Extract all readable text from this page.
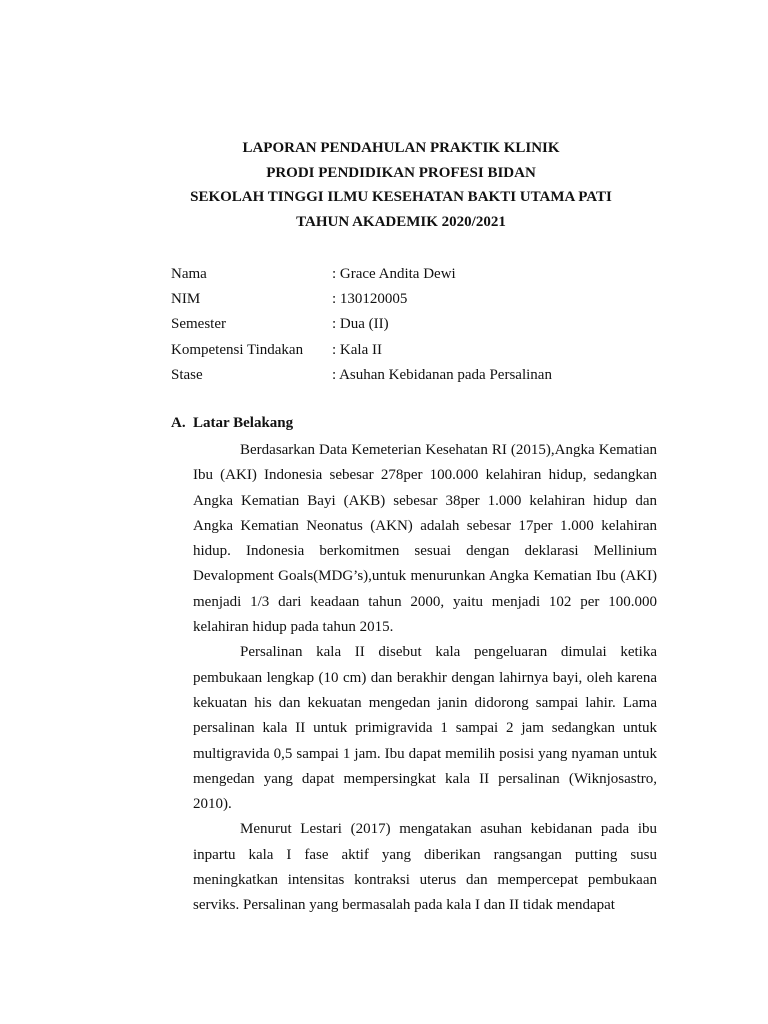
LAPORAN PENDAHULAN PRAKTIK KLINIK
PRODI PENDIDIKAN PROFESI BIDAN
SEKOLAH TINGGI ILMU KESEHATAN BAKTI UTAMA PATI
TAHUN AKADEMIK 2020/2021
Nama	: Grace Andita Dewi
NIM	: 130120005
Semester	: Dua (II)
Kompetensi Tindakan	: Kala II
Stase	: Asuhan Kebidanan pada Persalinan
A. Latar Belakang

Berdasarkan Data Kemeterian Kesehatan RI (2015),Angka Kematian Ibu (AKI) Indonesia sebesar 278per 100.000 kelahiran hidup, sedangkan Angka Kematian Bayi (AKB) sebesar 38per 1.000 kelahiran hidup dan Angka Kematian Neonatus (AKN) adalah sebesar 17per 1.000 kelahiran hidup. Indonesia berkomitmen sesuai dengan deklarasi Mellinium Devalopment Goals(MDG’s),untuk menurunkan Angka Kematian Ibu (AKI) menjadi 1/3 dari keadaan tahun 2000, yaitu menjadi 102 per 100.000 kelahiran hidup pada tahun 2015.

Persalinan kala II disebut kala pengeluaran dimulai ketika pembukaan lengkap (10 cm) dan berakhir dengan lahirnya bayi, oleh karena kekuatan his dan kekuatan mengedan janin didorong sampai lahir. Lama persalinan kala II untuk primigravida 1 sampai 2 jam sedangkan untuk multigravida 0,5 sampai 1 jam. Ibu dapat memilih posisi yang nyaman untuk mengedan yang dapat mempersingkat kala II persalinan (Wiknjosastro, 2010).

Menurut Lestari (2017) mengatakan asuhan kebidanan pada ibu inpartu kala I fase aktif yang diberikan rangsangan putting susu meningkatkan intensitas kontraksi uterus dan mempercepat pembukaan serviks. Persalinan yang bermasalah pada kala I dan II tidak mendapat
